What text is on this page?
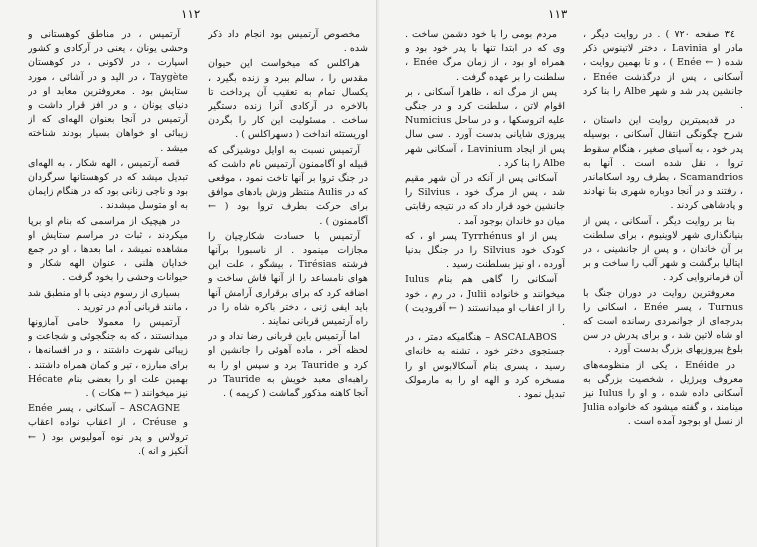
۱۱۲

مخصوص آرتمیس بود انجام داد ذکر شده .

هراکلس که میخواست این حیوان مقدس را ، سالم ببرد و زنده بگیرد ، یکسال تمام به تعقیب آن پرداخت تا بالاخره در آرکادی آنرا زنده دستگیر ساخت . مسئولیت این کار را بگردن اوریستئه انداخت ( دسهراکلس ) .

آرتمیس نسبت به اوایل دوشیزگی که قبیله او آگاممنون آرتمیس نام داشت که در جنگ تروا بر آنها تاخت نمود ، موقعی که در Aulis منتظر وزش بادهای موافق برای حرکت بطرف تروا بود ( ← آگاممنون ) .

آرتمیس با حسادت شکارچیان را مجازات مینمود . از ناسبورا برآنها فرشته Tirésias ، بیشگو ، علت این هوای نامساعد را از آنها فاش ساخت و اضافه کرد که برای برقراری آرامش آنها باید ایفی ژنی ، دختر باکره شاه را در راه آرتمیس قربانی نمایند .

اما آرتمیس باین قربانی رضا نداد و در لحظه آخر ، ماده آهوئی را جانشین او کرد و Tauride برد و سپس او را به راهبه‌ای معبد خویش به Tauride در آنجا کاهنه مذکور گماشت ( کریمه ) .

آرتمیس ، در مناطق کوهستانی و وحشی یونان ، یعنی در آرکادی و کشور اسپارت ، در لاکونی ، در کوهستان Taygète ، در الید و در آشائی ، مورد ستایش بود . معروفترین معابد او در دنیای یونان ، و در افز قرار داشت و آرتمیس در آنجا بعنوان الهه‌ای که از زیبائی او خواهان بسیار بودند شناخته میشد .

قصه آرتمیس ، الهه شکار ، به الهه‌ای تبدیل میشد که در کوهستانها سرگردان بود و ناجی زنانی بود که در هنگام زایمان به او متوسل میشدند .

در هیچیک از مراسمی که بنام او برپا میکردند ، ثبات در مراسم ستایش او مشاهده نمیشد ، اما بعدها ، او در جمع خدایان هلنی ، عنوان الهه شکار و حیوانات وحشی را بخود گرفت .

بسیاری از رسوم دینی با او منطبق شد ، مانند قربانی آدم در تورید .

آرتمیس را معمولا حامی آمازونها میدانستند ، که به جنگجوئی و شجاعت و زیبائی شهرت داشتند ، و در افسانه‌ها ، برای مبارزه ، تیر و کمان همراه داشتند . بهمین علت او را بعضی بنام Hécate نیز میخوانند ( ← هکات ) .

ASCAGNE – آسکانی ، پسر Enée و Créuse ، از اعقاب نواده اعقاب ترولاس و پدر نوه آمولیوس بود ( ← آنکیز و انه ).

۱۱۳

۳٤ صفحه ۷۲۰ ) . در روایت دیگر ، مادر او Lavinia ، دختر لاتینوس ذکر شده ( ← Enée ) ، و تا بهمین روایت ، آسکانی ، پس از درگذشت Enée ، جانشین پدر شد و شهر Albe را بنا کرد .

در قدیمیترین روایت این داستان ، شرح چگونگی انتقال آسکانی ، بوسیله پدر خود ، به آسیای صغیر ، هنگام سقوط تروا ، نقل شده است . آنها به Scamandrios ، بطرف رود اسکاماندر ، رفتند و در آنجا دوباره شهری بنا نهادند و پادشاهی کردند .

بنا بر روایت دیگر ، آسکانی ، پس از بنیانگذاری شهر لاوینیوم ، برای سلطنت بر آن خاندان ، و پس از جانشینی ، در ایتالیا برگشت و شهر آلب را ساخت و بر آن فرمانروایی کرد .

معروفترین روایت در دوران جنگ با Turnus ، پسر Enée ، اسکانی را بدرجه‌ای از جوانمردی رسانده است که او شاه لاتین شد ، و برای پدرش در سن بلوغ پیروزیهای بزرگ بدست آورد .

در Enéide ، یکی از منظومه‌های معروف ویرژیل ، شخصیت بزرگی به آسکانی داده شده ، و او را Iulus نیز مینامند ، و گفته میشود که خانواده Julia از نسل او بوجود آمده است .

مردم بومی را با خود دشمن ساخت . وی که در ابتدا تنها با پدر خود بود و همراه او بود ، از زمان مرگ Enée ، سلطنت را بر عهده گرفت .

پس از مرگ انه ، ظاهرا آسکانی ، بر اقوام لاتن ، سلطنت کرد و در جنگی علیه اتروسکها ، و در ساحل Numicius پیروزی شایانی بدست آورد . سی سال پس از ایجاد Lavinium ، آسکانی شهر Albe را بنا کرد .

آسکانی پس از آنکه در آن شهر مقیم شد ، پس از مرگ خود ، Silvius را جانشین خود قرار داد که در نتیجه رقابتی میان دو خاندان بوجود آمد .

پس از او Tyrrhénus پسر او ، که کودک خود Silvius را در جنگل بدنیا آورده ، او نیز بسلطنت رسید .

آسکانی را گاهی هم بنام Iulus میخوانند و خانواده Julii ، در رم ، خود را از اعقاب او میدانستند ( ← آفرودیت ) .

ASCALABOS – هنگامیکه دمتر ، در جستجوی دختر خود ، تشنه به خانه‌ای رسید ، پسری بنام آسکالابوس او را مسخره کرد و الهه او را به مارمولک تبدیل نمود .
